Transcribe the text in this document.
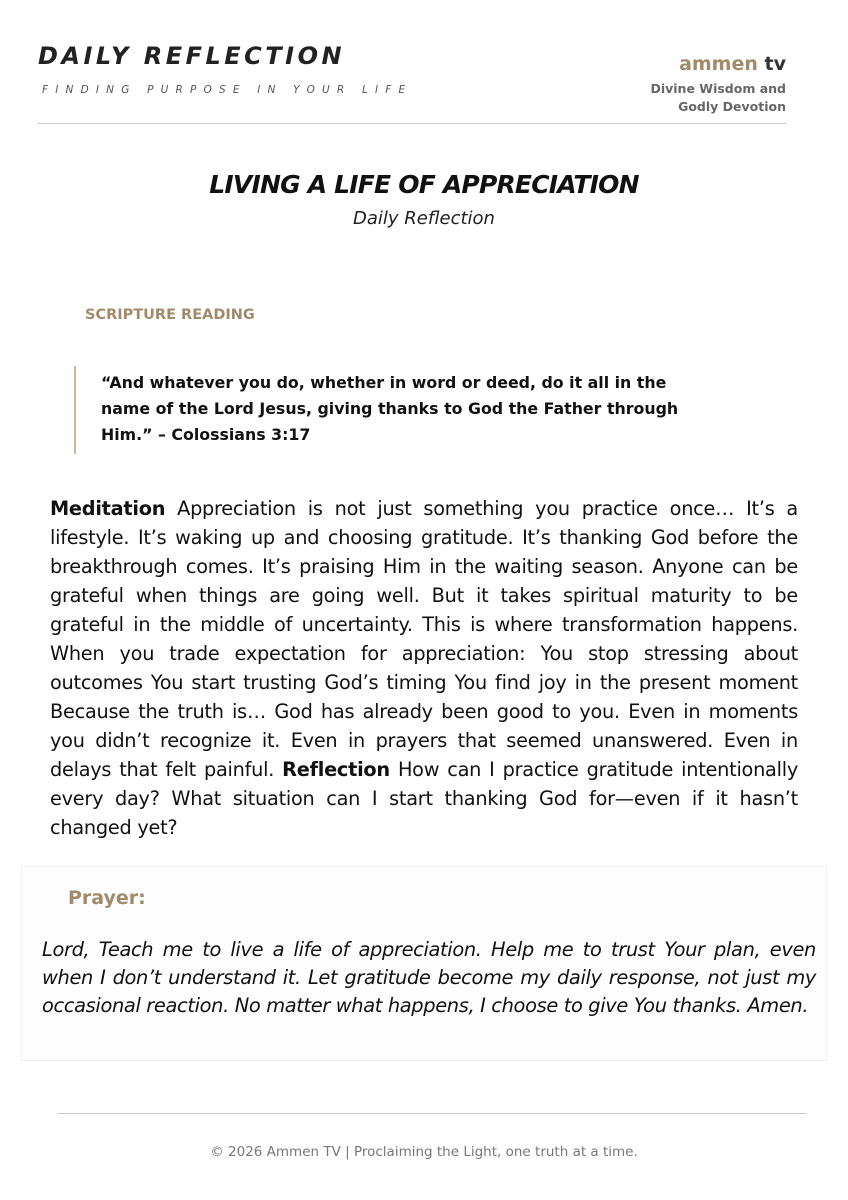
DAILY REFLECTION
FINDING PURPOSE IN YOUR LIFE
ammen tv
Divine Wisdom and
Godly Devotion
LIVING A LIFE OF APPRECIATION
Daily Reflection
SCRIPTURE READING

“And whatever you do, whether in word or deed, do it all in the name of the Lord Jesus, giving thanks to God the Father through Him.” – Colossians 3:17

Meditation Appreciation is not just something you practice once… It’s a lifestyle. It’s waking up and choosing gratitude. It’s thanking God before the breakthrough comes. It’s praising Him in the waiting season. Anyone can be grateful when things are going well. But it takes spiritual maturity to be grateful in the middle of uncertainty. This is where transformation happens. When you trade expectation for appreciation: You stop stressing about outcomes You start trusting God’s timing You find joy in the present moment Because the truth is… God has already been good to you. Even in moments you didn’t recognize it. Even in prayers that seemed unanswered. Even in delays that felt painful. Reflection How can I practice gratitude intentionally every day? What situation can I start thanking God for—even if it hasn’t changed yet?

Prayer:

Lord, Teach me to live a life of appreciation. Help me to trust Your plan, even when I don’t understand it. Let gratitude become my daily response, not just my occasional reaction. No matter what happens, I choose to give You thanks. Amen.

© 2026 Ammen TV | Proclaiming the Light, one truth at a time.
